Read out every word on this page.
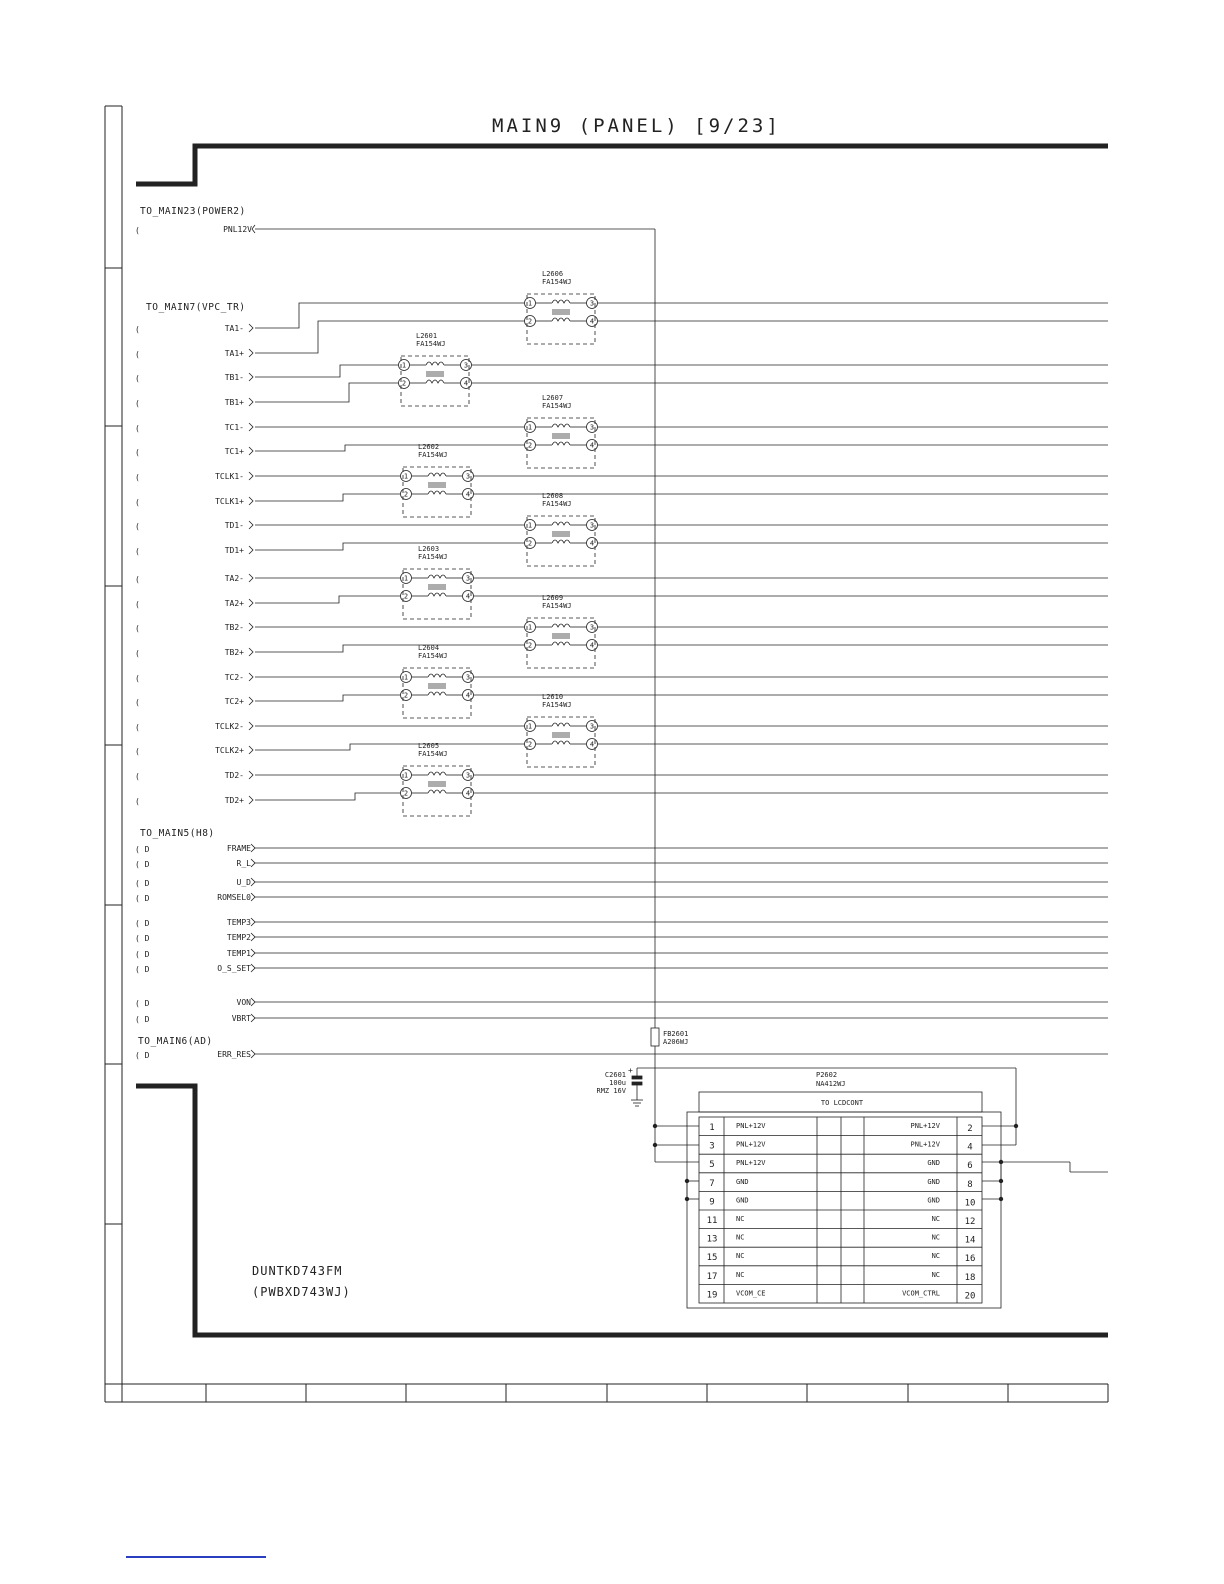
MAIN9 (PANEL) [9/23]
TO_MAIN23(POWER2)
TO_MAIN7(VPC_TR)
TO_MAIN5(H8)
TO_MAIN6(AD)
(	PNL12V
(	TA1-
(	TA1+
(	TB1-
(	TB1+
(	TC1-
(	TC1+
(	TCLK1-
(	TCLK1+
(	TD1-
(	TD1+
(	TA2-
(	TA2+
(	TB2-
(	TB2+
(	TC2-
(	TC2+
(	TCLK2-
(	TCLK2+
(	TD2-
(	TD2+
L2606
FA154WJ
1
2
3
4
L2601
FA154WJ
1
2
3
4
L2607
FA154WJ
1
2
3
4
L2602
FA154WJ
1
2
3
4	L2608
FA154WJ
1
2
3
4
L2603
FA154WJ
1
2
3
4	L2609
FA154WJ
1
2
3
4
L2604
FA154WJ
1
2
3
4	L2610
FA154WJ
1
2
3
4
L2605
FA154WJ
1
2
3
4
( D	FRAME
( D	R_L
( D	U_D
( D	ROMSEL0
( D	TEMP3
( D	TEMP2
( D	TEMP1
( D	O_S_SET
( D	VON
( D	VBRT
( D	ERR_RES
FB2601
A206WJ
+
C2601
100u
RMZ 16V
P2602
NA412WJ
TO LCDCONT
1	PNL+12V	PNL+12V	2
3	PNL+12V	PNL+12V	4
5	PNL+12V	GND	6
7	GND	GND	8
9	GND	GND	10
11	NC	NC	12
13	NC	NC	14
15	NC	NC	16
17	NC	NC	18
19	VCOM_CE	VCOM_CTRL	20
DUNTKD743FM
(PWBXD743WJ)
